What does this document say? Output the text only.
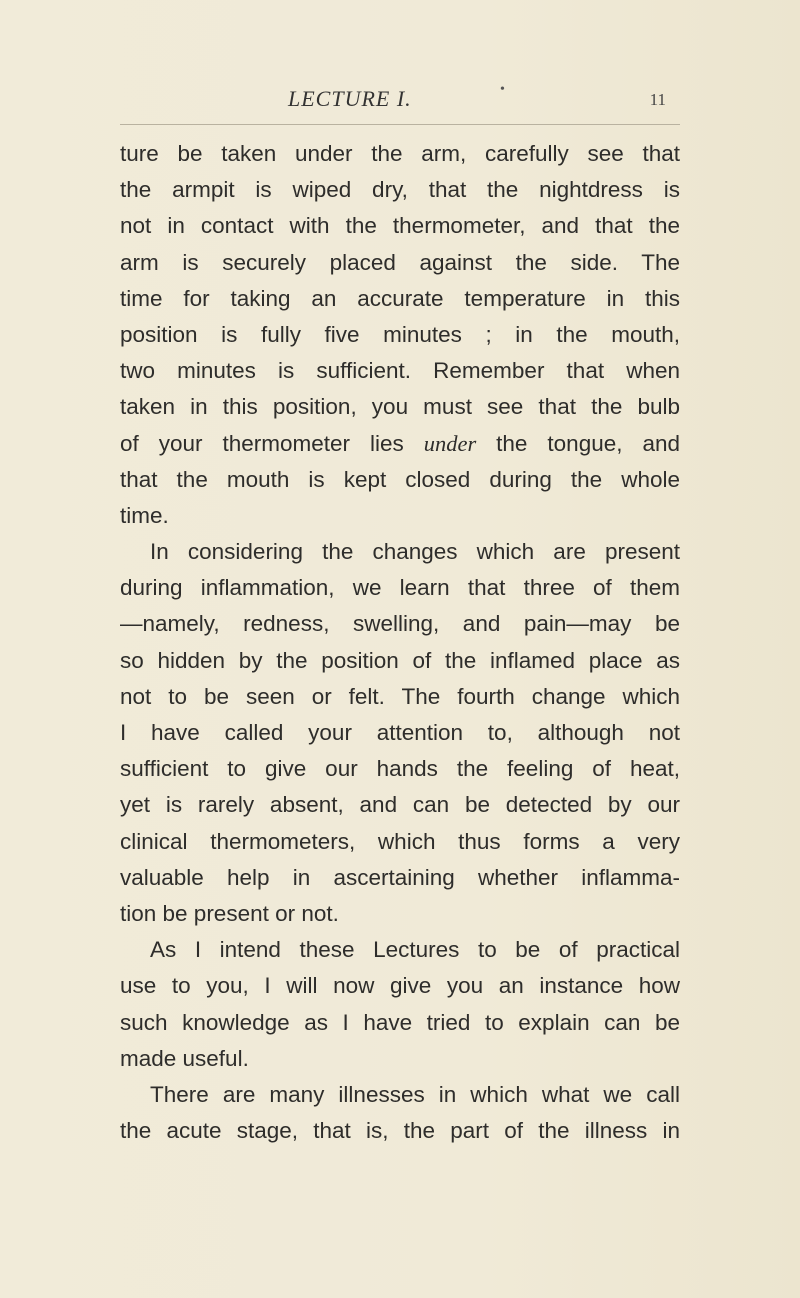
LECTURE I.	•
11
ture be taken under the arm, carefully see that
the armpit is wiped dry, that the nightdress is
not in contact with the thermometer, and that the
arm is securely placed against the side. The
time for taking an accurate temperature in this
position is fully five minutes ; in the mouth,
two minutes is sufficient. Remember that when
taken in this position, you must see that the bulb
of your thermometer lies under the tongue, and
that the mouth is kept closed during the whole
time.
In considering the changes which are present
during inflammation, we learn that three of them
—namely, redness, swelling, and pain—may be
so hidden by the position of the inflamed place as
not to be seen or felt. The fourth change which
I have called your attention to, although not
sufficient to give our hands the feeling of heat,
yet is rarely absent, and can be detected by our
clinical thermometers, which thus forms a very
valuable help in ascertaining whether inflamma-
tion be present or not.
As I intend these Lectures to be of practical
use to you, I will now give you an instance how
such knowledge as I have tried to explain can be
made useful.
There are many illnesses in which what we call
the acute stage, that is, the part of the illness in
